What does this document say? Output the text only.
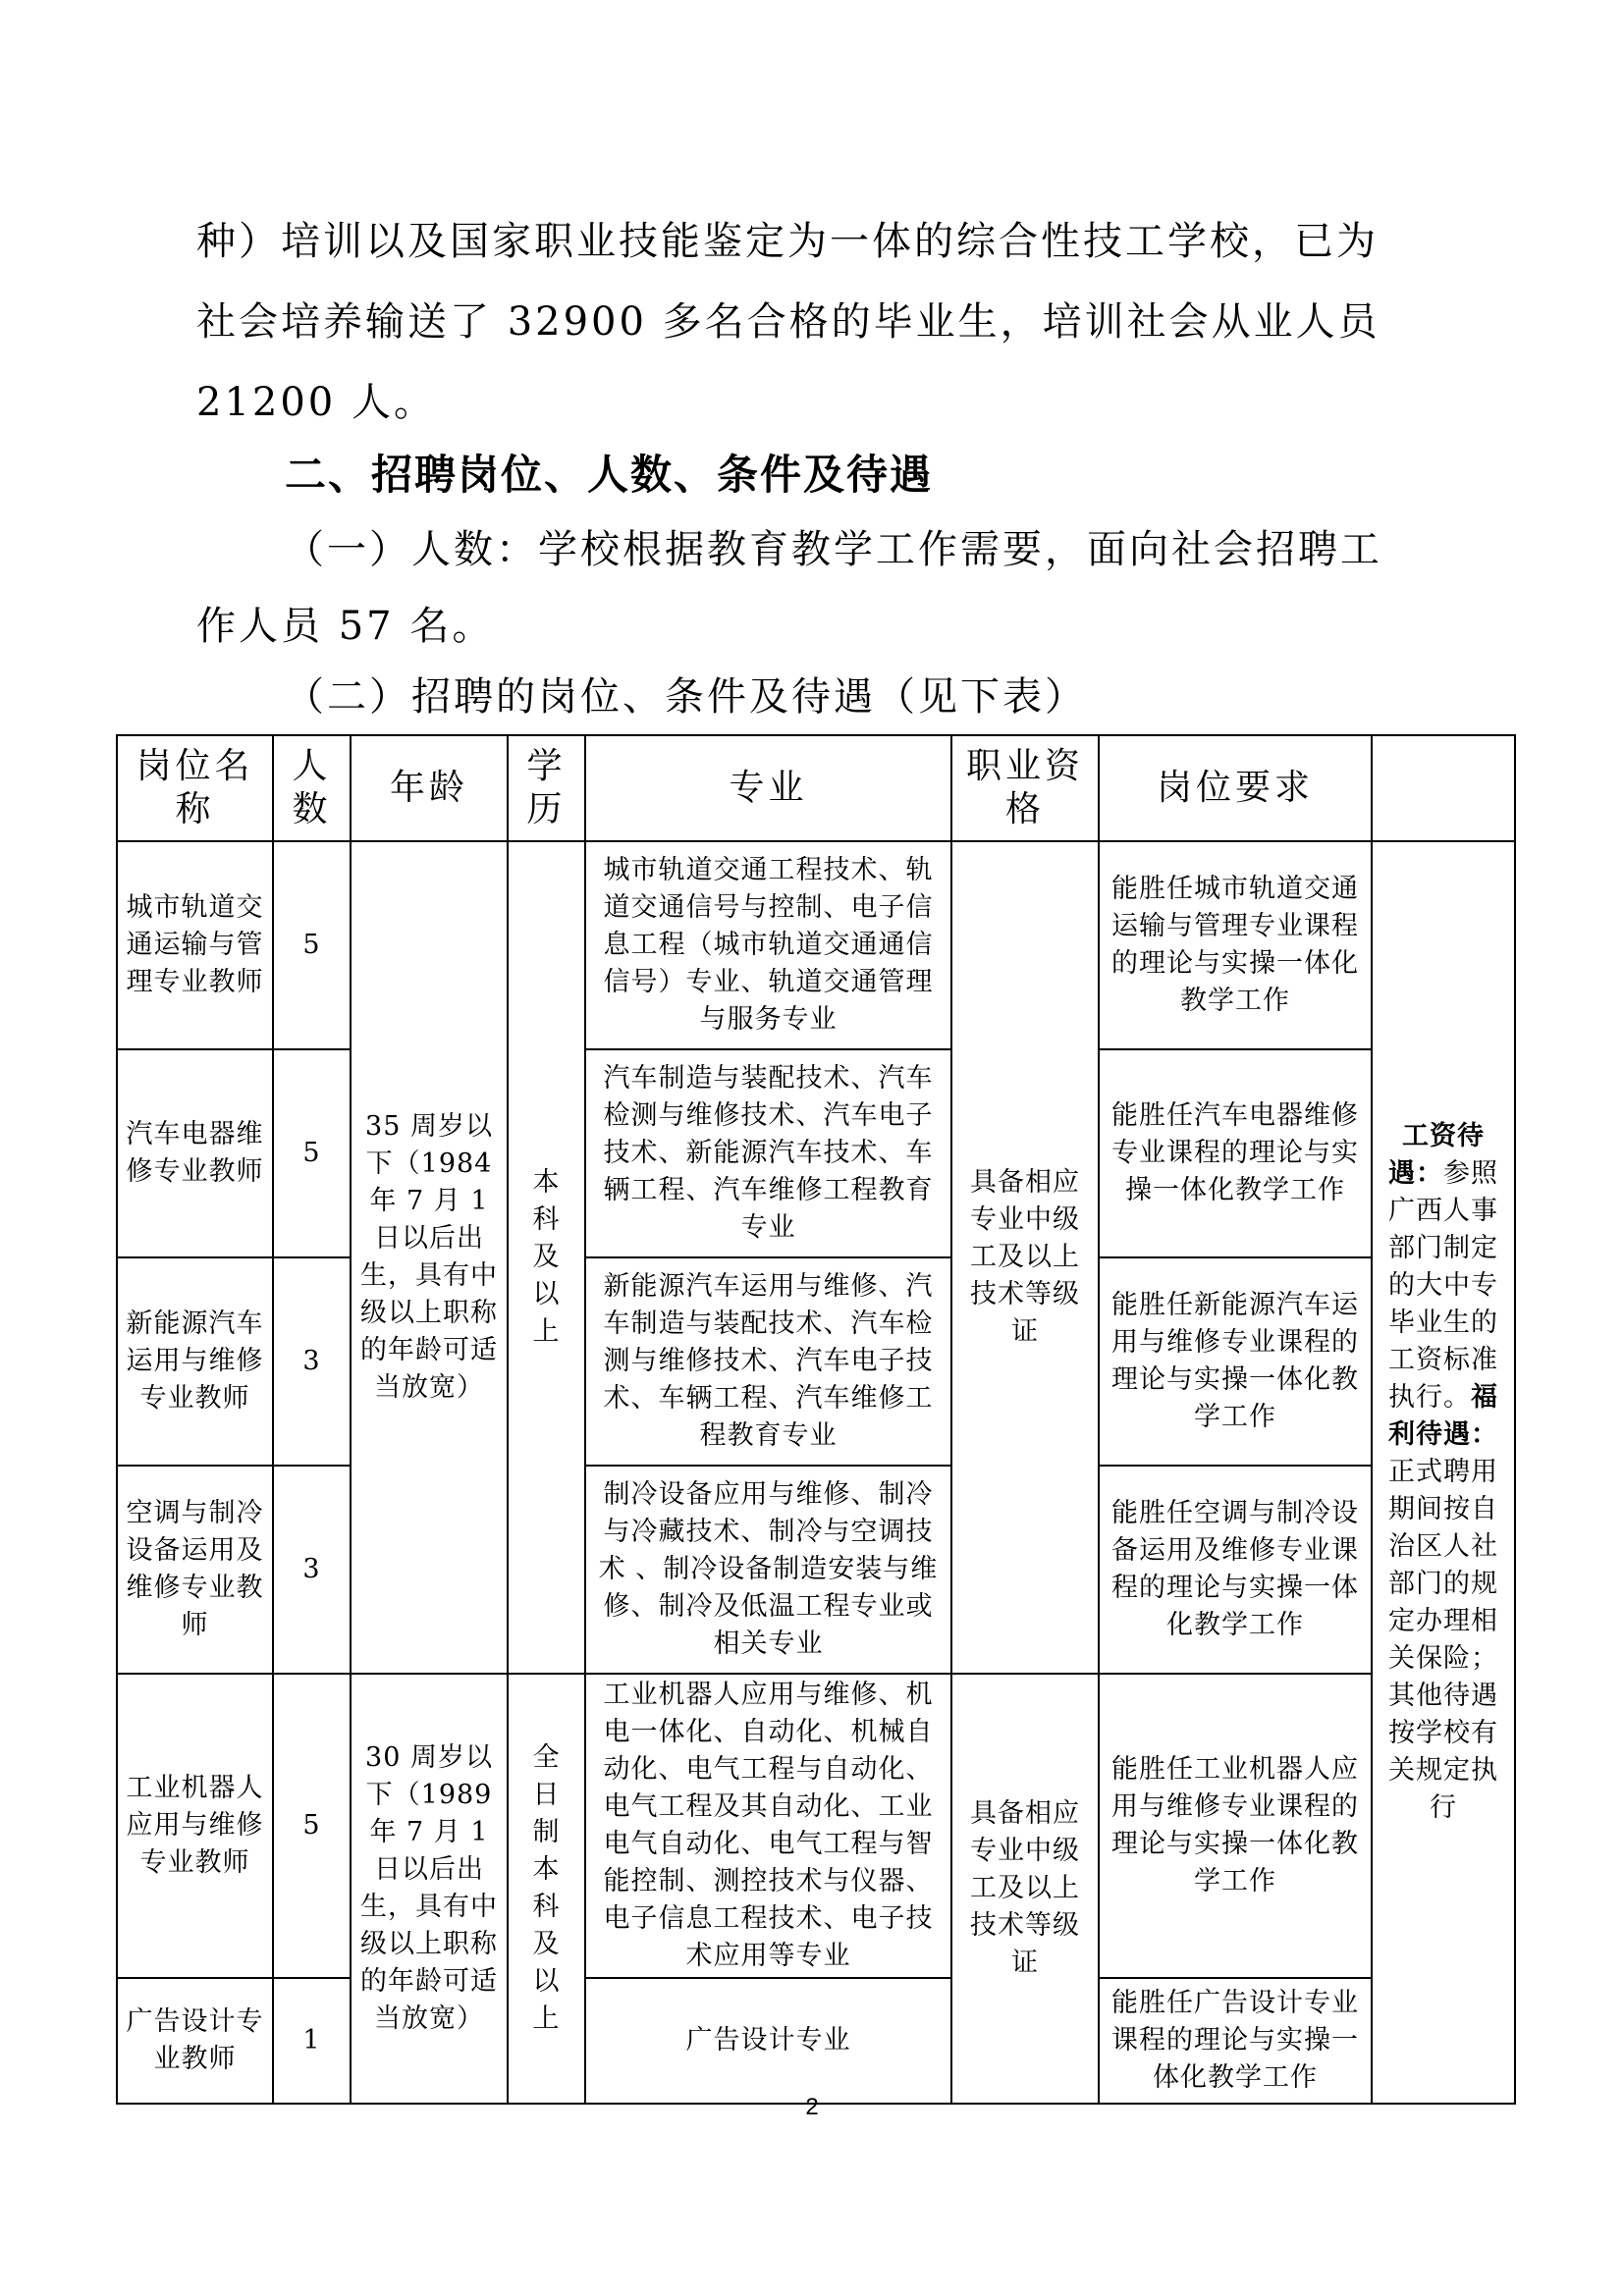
种）培训以及国家职业技能鉴定为一体的综合性技工学校，已为
社会培养输送了 32900 多名合格的毕业生，培训社会从业人员
21200 人。
二、招聘岗位、人数、条件及待遇
（一）人数：学校根据教育教学工作需要，面向社会招聘工
作人员 57 名。
（二）招聘的岗位、条件及待遇（见下表）
岗位名称	人数	年龄	学历	专业	职业资格	岗位要求	
城市轨道交通运输与管理专业教师	5	35 周岁以下（1984 年 7 月 1 日以后出生，具有中级以上职称的年龄可适当放宽）	本科及以上	城市轨道交通工程技术、轨道交通信号与控制、电子信息工程（城市轨道交通通信信号）专业、轨道交通管理与服务专业	具备相应专业中级工及以上技术等级证	能胜任城市轨道交通运输与管理专业课程的理论与实操一体化教学工作	工资待遇：参照广西人事部门制定的大中专毕业生的工资标准执行。福利待遇：正式聘用期间按自治区人社部门的规定办理相关保险；其他待遇按学校有关规定执行
汽车电器维修专业教师	5			汽车制造与装配技术、汽车检测与维修技术、汽车电子技术、新能源汽车技术、车辆工程、汽车维修工程教育专业		能胜任汽车电器维修专业课程的理论与实操一体化教学工作	
新能源汽车运用与维修专业教师	3			新能源汽车运用与维修、汽车制造与装配技术、汽车检测与维修技术、汽车电子技术、车辆工程、汽车维修工程教育专业		能胜任新能源汽车运用与维修专业课程的理论与实操一体化教学工作	
空调与制冷设备运用及维修专业教师	3			制冷设备应用与维修、制冷与冷藏技术、制冷与空调技术 、制冷设备制造安装与维修、制冷及低温工程专业或相关专业		能胜任空调与制冷设备运用及维修专业课程的理论与实操一体化教学工作	
工业机器人应用与维修专业教师	5	30 周岁以下（1989 年 7 月 1 日以后出生，具有中级以上职称的年龄可适当放宽）	全日制本科及以上	工业机器人应用与维修、机电一体化、自动化、机械自动化、电气工程与自动化、电气工程及其自动化、工业电气自动化、电气工程与智能控制、测控技术与仪器、电子信息工程技术、电子技术应用等专业	具备相应专业中级工及以上技术等级证	能胜任工业机器人应用与维修专业课程的理论与实操一体化教学工作	
广告设计专业教师	1			广告设计专业		能胜任广告设计专业课程的理论与实操一体化教学工作	
2
